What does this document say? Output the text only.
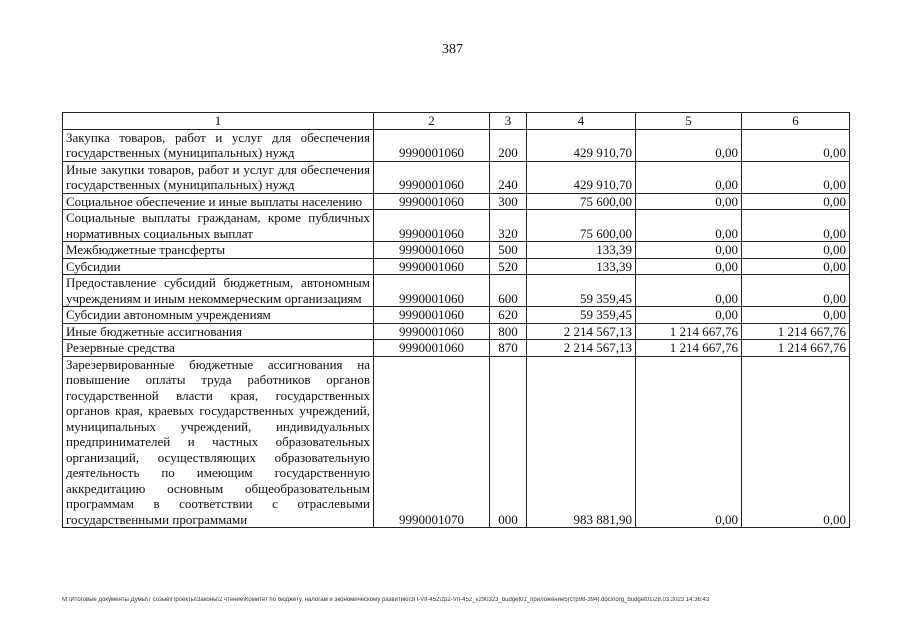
387
1	2	3	4	5	6
Закупка товаров, работ и услуг для обеспечения государственных (муниципальных) нужд	9990001060	200	429 910,70	0,00	0,00
Иные закупки товаров, работ и услуг для обеспечения государственных (муниципальных) нужд	9990001060	240	429 910,70	0,00	0,00
Социальное обеспечение и иные выплаты населению	9990001060	300	75 600,00	0,00	0,00
Социальные выплаты гражданам, кроме публичных нормативных социальных выплат	9990001060	320	75 600,00	0,00	0,00
Межбюджетные трансферты	9990001060	500	133,39	0,00	0,00
Субсидии	9990001060	520	133,39	0,00	0,00
Предоставление субсидий бюджетным, автономным учреждениям и иным некоммерческим организациям	9990001060	600	59 359,45	0,00	0,00
Субсидии автономным учреждениям	9990001060	620	59 359,45	0,00	0,00
Иные бюджетные ассигнования	9990001060	800	2 214 567,13	1 214 667,76	1 214 667,76
Резервные средства	9990001060	870	2 214 567,13	1 214 667,76	1 214 667,76
Зарезервированные бюджетные ассигнования на повышение оплаты труда работников органов государственной власти края, государственных органов края, краевых государственных учреждений, муниципальных учреждений, индивидуальных предпринимателей и частных образовательных организаций, осуществляющих образовательную деятельность по имеющим государственную аккредитацию основным общеобразовательным программам в соответствии с отраслевыми государственными программами	9990001070	000	983 881,90	0,00	0,00
M:\Итоговые документы Думы\7 созыв\Проекты\Законы\2 чтение\Комитет по бюджету, налогам и экономическому развитию\ЗП-VII-452\zp2-VII-452_v290323_budget01_приложение5(стр98-394).docx\org_budget01\28.03.2023 14:36:43
